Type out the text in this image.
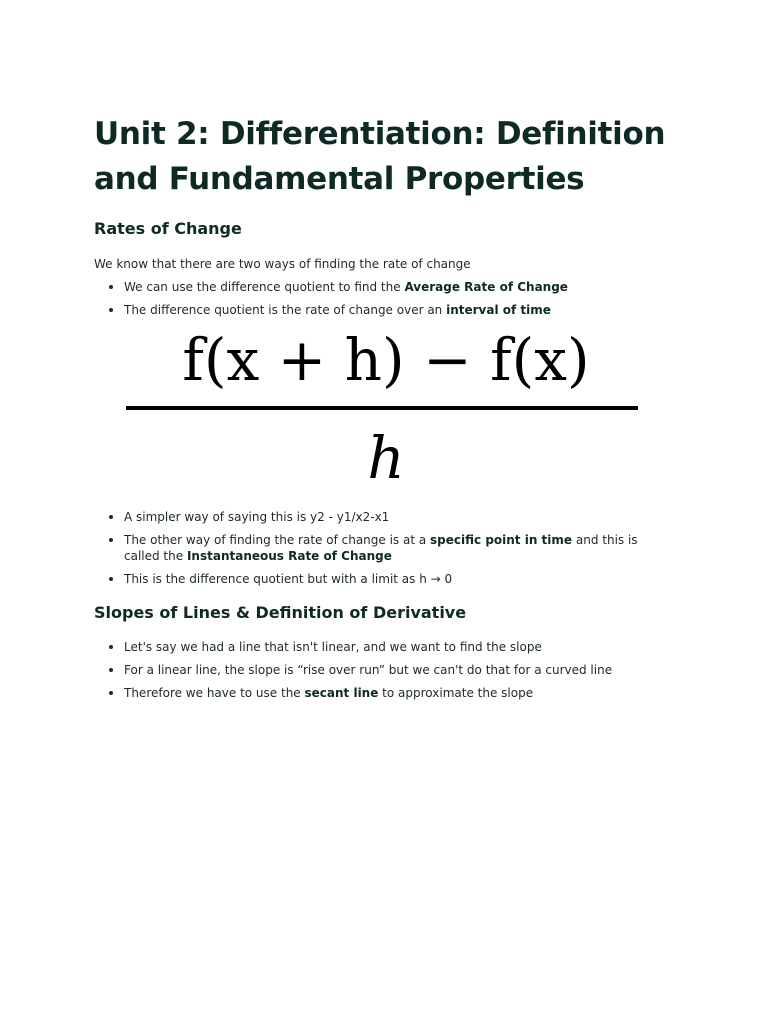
Unit 2: Differentiation: Definition and Fundamental Properties
Rates of Change

We know that there are two ways of finding the rate of change

We can use the difference quotient to find the Average Rate of Change
The difference quotient is the rate of change over an interval of time
f(x + h) − f(x)
h
A simpler way of saying this is y2 - y1/x2-x1
The other way of finding the rate of change is at a specific point in time and this is called the Instantaneous Rate of Change
This is the difference quotient but with a limit as h → 0
Slopes of Lines & Definition of Derivative
Let's say we had a line that isn't linear, and we want to find the slope
For a linear line, the slope is “rise over run” but we can't do that for a curved line
Therefore we have to use the secant line to approximate the slope
